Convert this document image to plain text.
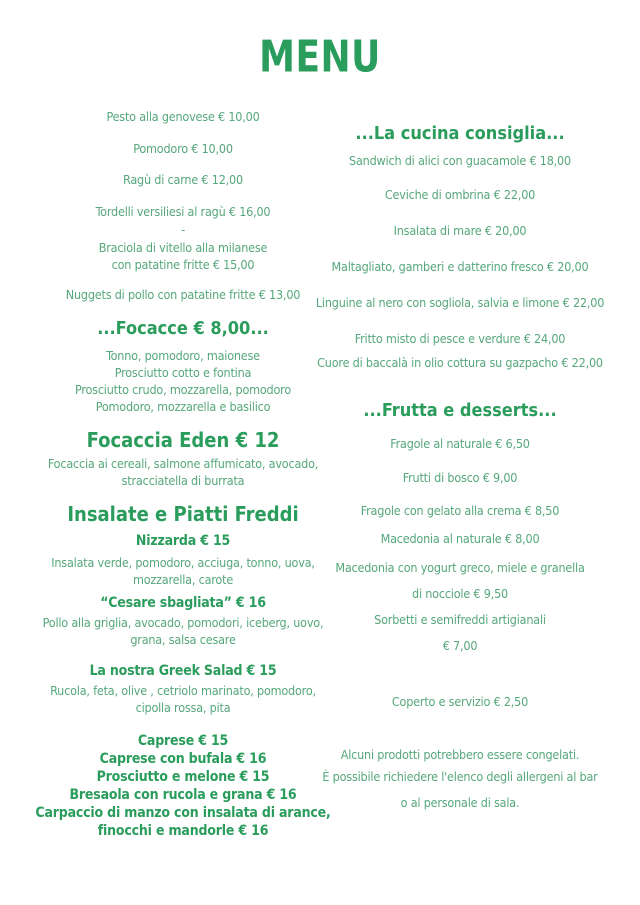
MENU
Pesto alla genovese € 10,00
Pomodoro € 10,00
Ragù di carne € 12,00
Tordelli versiliesi al ragù € 16,00
-
Braciola di vitello alla milanese
con patatine fritte € 15,00
Nuggets di pollo con patatine fritte € 13,00
...Focacce € 8,00...
Tonno, pomodoro, maionese
Prosciutto cotto e fontina
Prosciutto crudo, mozzarella, pomodoro
Pomodoro, mozzarella e basilico
Focaccia Eden € 12
Focaccia ai cereali, salmone affumicato, avocado,
stracciatella di burrata
Insalate e Piatti Freddi
Nizzarda € 15
Insalata verde, pomodoro, acciuga, tonno, uova,
mozzarella, carote
“Cesare sbagliata” € 16
Pollo alla griglia, avocado, pomodori, iceberg, uovo,
grana, salsa cesare
La nostra Greek Salad € 15
Rucola, feta, olive , cetriolo marinato, pomodoro,
cipolla rossa, pita
Caprese € 15
Caprese con bufala € 16
Prosciutto e melone € 15
Bresaola con rucola e grana € 16
Carpaccio di manzo con insalata di arance,
finocchi e mandorle € 16
...La cucina consiglia...
Sandwich di alici con guacamole € 18,00
Ceviche di ombrina € 22,00
Insalata di mare € 20,00
Maltagliato, gamberi e datterino fresco € 20,00
Linguine al nero con sogliola, salvia e limone € 22,00
Fritto misto di pesce e verdure € 24,00
Cuore di baccalà in olio cottura su gazpacho € 22,00
...Frutta e desserts...
Fragole al naturale € 6,50
Frutti di bosco € 9,00
Fragole con gelato alla crema € 8,50
Macedonia al naturale € 8,00
Macedonia con yogurt greco, miele e granella
di nocciole € 9,50
Sorbetti e semifreddi artigianali
€ 7,00
Coperto e servizio € 2,50
Alcuni prodotti potrebbero essere congelati.
È possibile richiedere l'elenco degli allergeni al bar
o al personale di sala.
